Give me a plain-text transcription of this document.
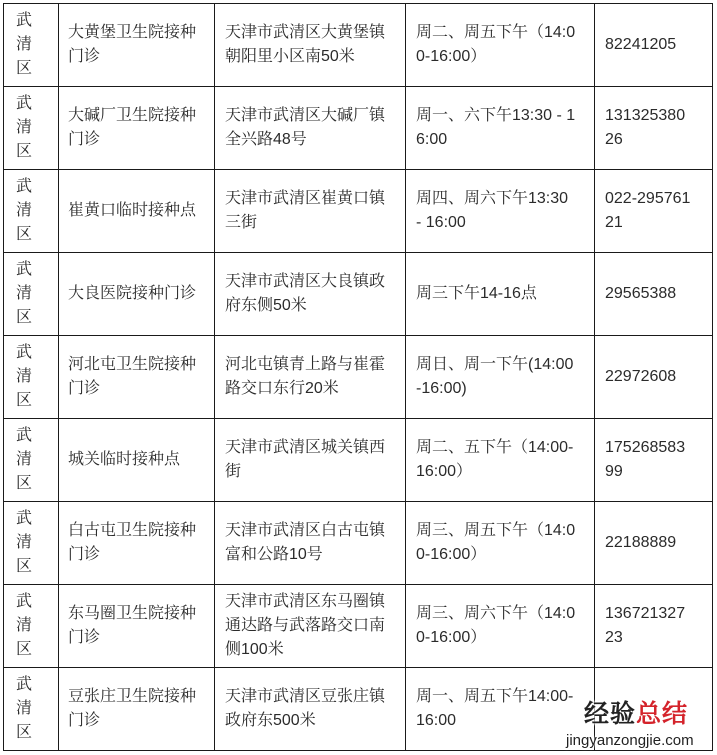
武清区
大黄堡卫生院接种门诊
天津市武清区大黄堡镇朝阳里小区南50米
周二、周五下午（14:00-16:00）
82241205
武清区
大碱厂卫生院接种门诊
天津市武清区大碱厂镇全兴路48号
周一、六下午13:30 - 16:00
13132538026
武清区
崔黄口临时接种点
天津市武清区崔黄口镇三街
周四、周六下午13:30 - 16:00
022-29576121
武清区
大良医院接种门诊
天津市武清区大良镇政府东侧50米
周三下午14-16点	29565388
武清区
河北屯卫生院接种门诊
河北屯镇青上路与崔霍路交口东行20米
周日、周一下午(14:00-16:00)
22972608
武清区
城关临时接种点
天津市武清区城关镇西街
周二、五下午（14:00-16:00）
17526858399
武清区
白古屯卫生院接种门诊
天津市武清区白古屯镇富和公路10号
周三、周五下午（14:00-16:00）
22188889
武清区
东马圈卫生院接种门诊
天津市武清区东马圈镇通达路与武落路交口南侧100米
周三、周六下午（14:00-16:00）
13672132723
武清区
豆张庄卫生院接种门诊
天津市武清区豆张庄镇政府东500米
周一、周五下午14:00-16:00	经验总结
jingyanzongjie.com
